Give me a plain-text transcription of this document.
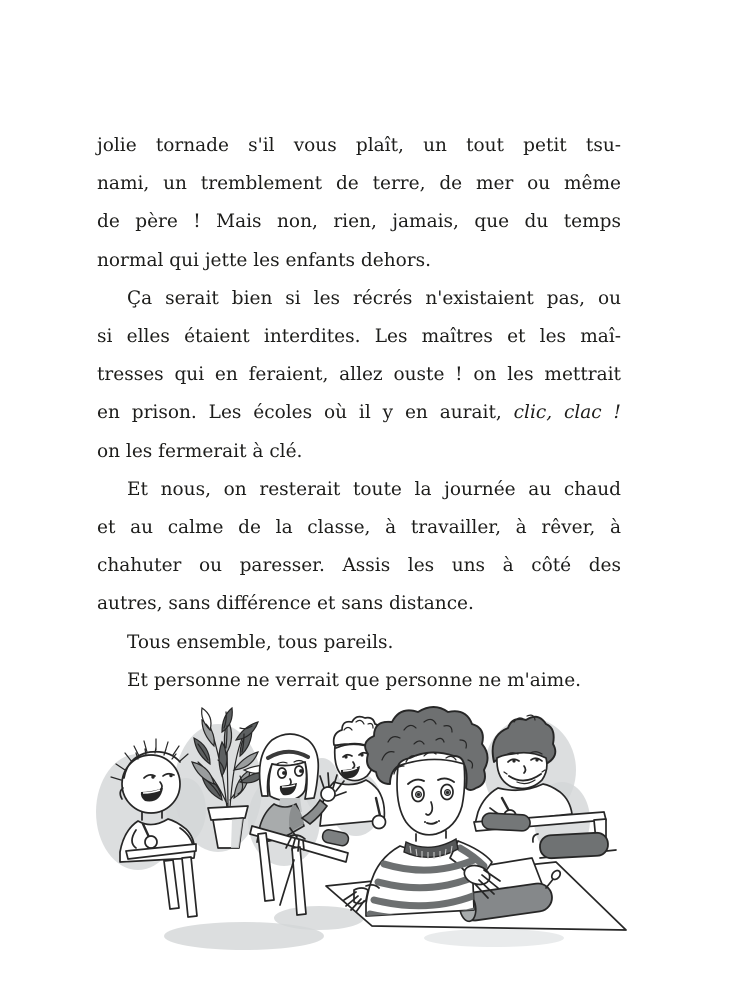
jolie tornade s'il vous plaît, un tout petit tsu-
nami, un tremblement de terre, de mer ou même
de père ! Mais non, rien, jamais, que du temps
normal qui jette les enfants dehors.
Ça serait bien si les récrés n'existaient pas, ou
si elles étaient interdites. Les maîtres et les maî-
tresses qui en feraient, allez ouste ! on les mettrait
en prison. Les écoles où il y en aurait, clic, clac !
on les fermerait à clé.
Et nous, on resterait toute la journée au chaud
et au calme de la classe, à travailler, à rêver, à
chahuter ou paresser. Assis les uns à côté des
autres, sans différence et sans distance.
Tous ensemble, tous pareils.
Et personne ne verrait que personne ne m'aime.
